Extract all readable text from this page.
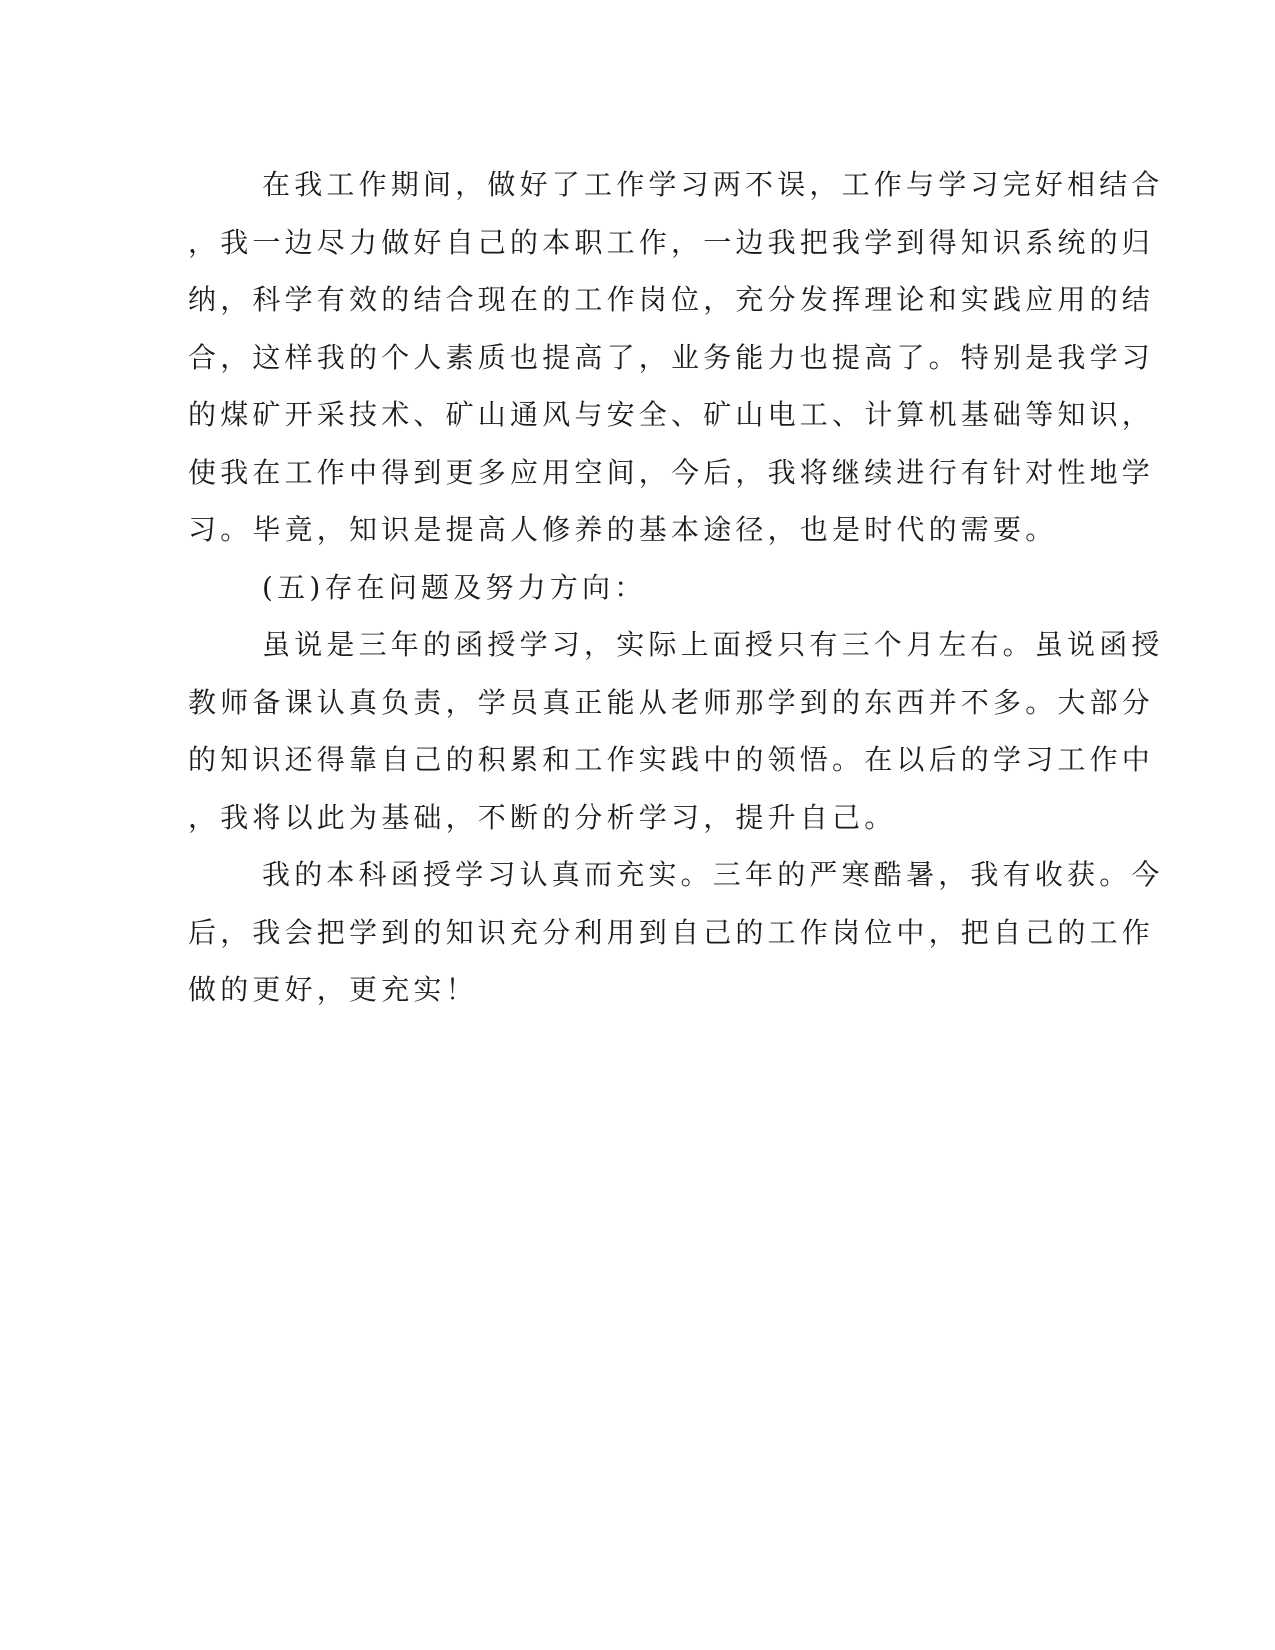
在我工作期间，做好了工作学习两不误，工作与学习完好相结合
，我一边尽力做好自己的本职工作，一边我把我学到得知识系统的归
纳，科学有效的结合现在的工作岗位，充分发挥理论和实践应用的结
合，这样我的个人素质也提高了，业务能力也提高了。特别是我学习
的煤矿开采技术、矿山通风与安全、矿山电工、计算机基础等知识，
使我在工作中得到更多应用空间，今后，我将继续进行有针对性地学
习。毕竟，知识是提高人修养的基本途径，也是时代的需要。
(五)存在问题及努力方向：
虽说是三年的函授学习，实际上面授只有三个月左右。虽说函授
教师备课认真负责，学员真正能从老师那学到的东西并不多。大部分
的知识还得靠自己的积累和工作实践中的领悟。在以后的学习工作中
，我将以此为基础，不断的分析学习，提升自己。
我的本科函授学习认真而充实。三年的严寒酷暑，我有收获。今
后，我会把学到的知识充分利用到自己的工作岗位中，把自己的工作
做的更好，更充实！
